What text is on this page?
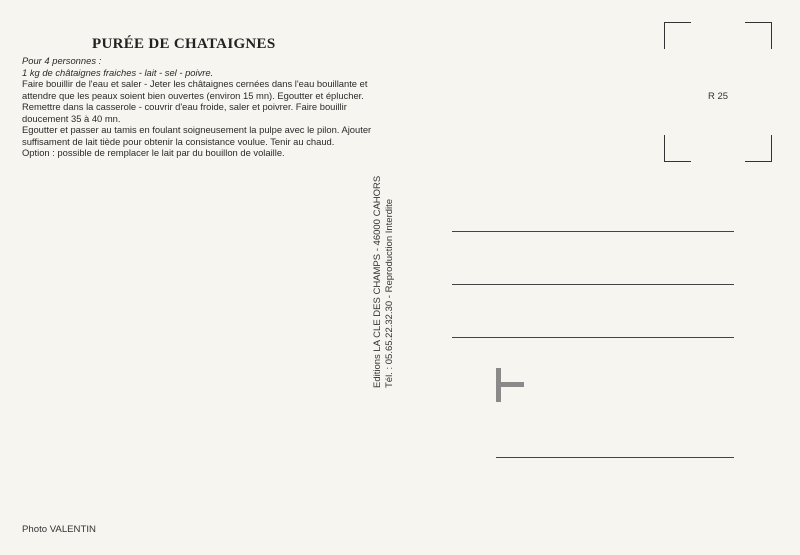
PURÉE DE CHATAIGNES
Pour 4 personnes :
1 kg de châtaignes fraiches - lait - sel - poivre.
Faire bouillir de l'eau et saler - Jeter les châtaignes cernées dans l'eau bouillante et attendre que les peaux soient bien ouvertes (environ 15 mn). Egoutter et éplucher.
Remettre dans la casserole - couvrir d'eau froide, saler et poivrer. Faire bouillir doucement 35 à 40 mn.
Egoutter et passer au tamis en foulant soigneusement la pulpe avec le pilon. Ajouter suffisament de lait tiède pour obtenir la consistance voulue. Tenir au chaud.
Option : possible de remplacer le lait par du bouillon de volaille.
Photo VALENTIN
Editions LA CLE DES CHAMPS - 46000 CAHORS Tél. : 05.65.22.32.30 - Reproduction Interdite
R 25
